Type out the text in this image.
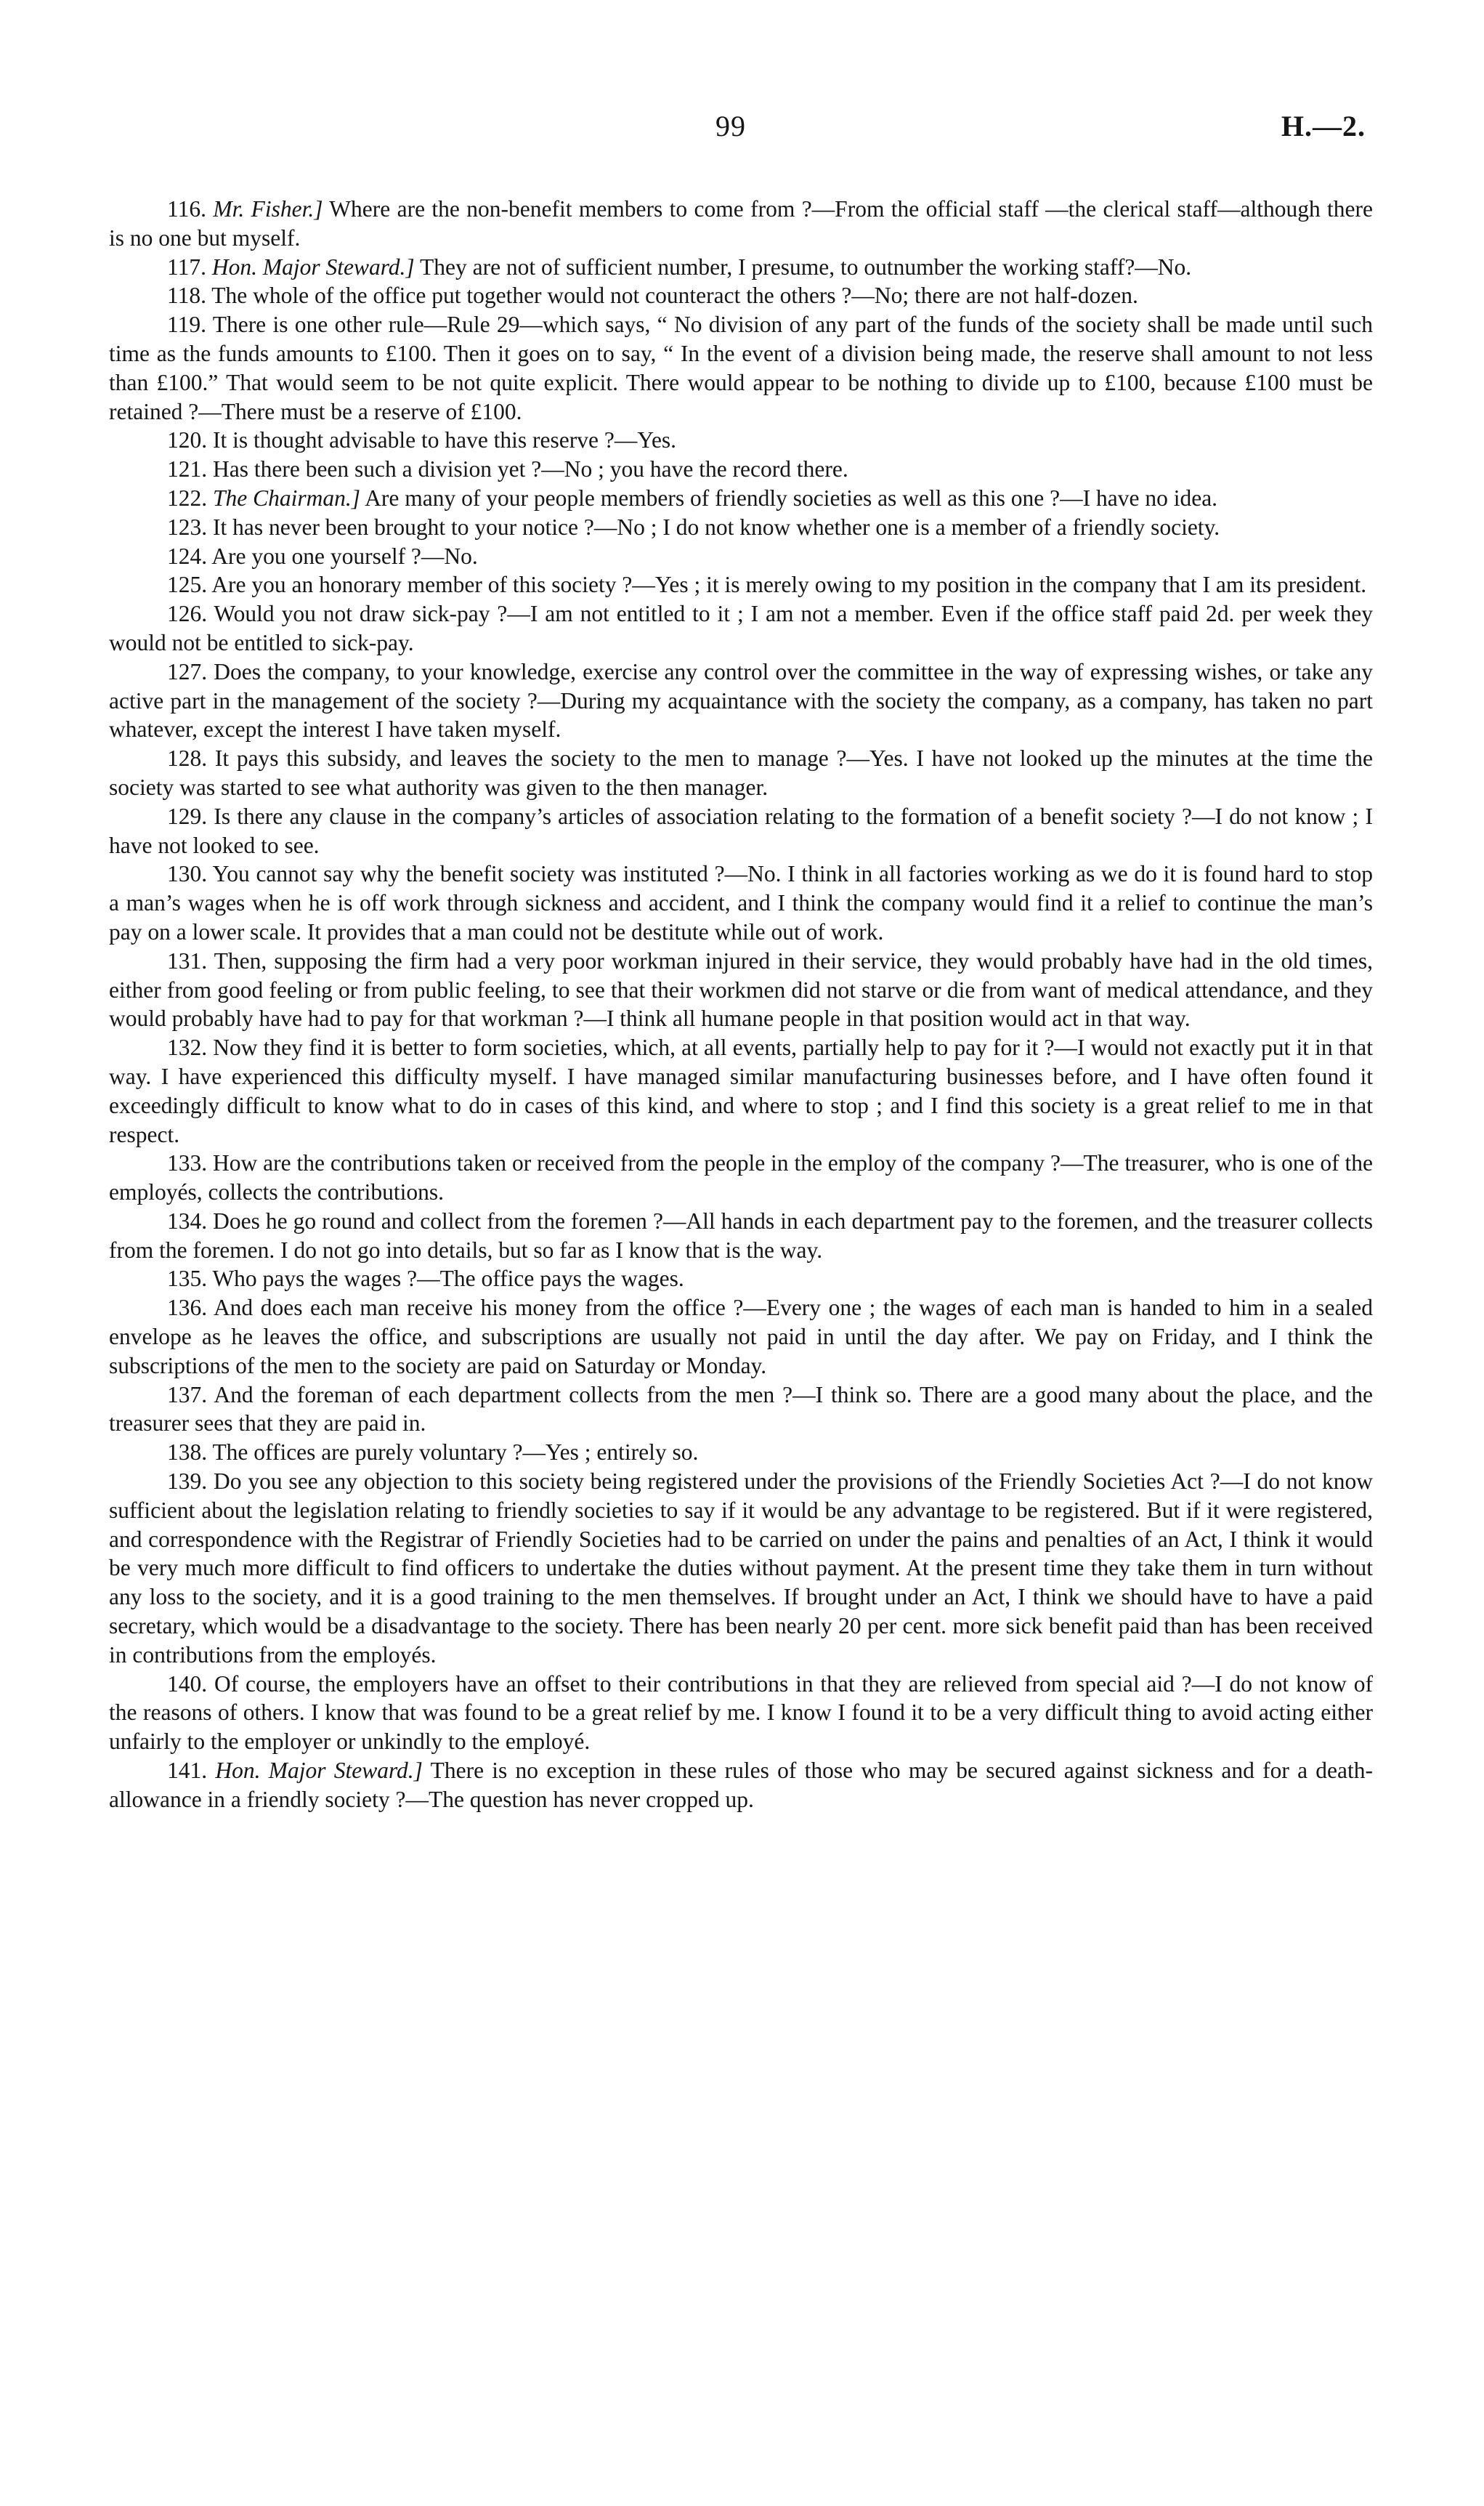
99	H.—2.

116. Mr. Fisher.] Where are the non-benefit members to come from ?—From the official staff —the clerical staff—although there is no one but myself.

117. Hon. Major Steward.] They are not of sufficient number, I presume, to outnumber the working staff?—No.

118. The whole of the office put together would not counteract the others ?—No; there are not half-dozen.

119. There is one other rule—Rule 29—which says, “ No division of any part of the funds of the society shall be made until such time as the funds amounts to £100. Then it goes on to say, “ In the event of a division being made, the reserve shall amount to not less than £100.” That would seem to be not quite explicit. There would appear to be nothing to divide up to £100, because £100 must be retained ?—There must be a reserve of £100.

120. It is thought advisable to have this reserve ?—Yes.

121. Has there been such a division yet ?—No ; you have the record there.

122. The Chairman.] Are many of your people members of friendly societies as well as this one ?—I have no idea.

123. It has never been brought to your notice ?—No ; I do not know whether one is a member of a friendly society.

124. Are you one yourself ?—No.

125. Are you an honorary member of this society ?—Yes ; it is merely owing to my position in the company that I am its president.

126. Would you not draw sick-pay ?—I am not entitled to it ; I am not a member. Even if the office staff paid 2d. per week they would not be entitled to sick-pay.

127. Does the company, to your knowledge, exercise any control over the committee in the way of expressing wishes, or take any active part in the management of the society ?—During my acquaintance with the society the company, as a company, has taken no part whatever, except the interest I have taken myself.

128. It pays this subsidy, and leaves the society to the men to manage ?—Yes. I have not looked up the minutes at the time the society was started to see what authority was given to the then manager.

129. Is there any clause in the company’s articles of association relating to the formation of a benefit society ?—I do not know ; I have not looked to see.

130. You cannot say why the benefit society was instituted ?—No. I think in all factories working as we do it is found hard to stop a man’s wages when he is off work through sickness and accident, and I think the company would find it a relief to continue the man’s pay on a lower scale. It provides that a man could not be destitute while out of work.

131. Then, supposing the firm had a very poor workman injured in their service, they would probably have had in the old times, either from good feeling or from public feeling, to see that their workmen did not starve or die from want of medical attendance, and they would probably have had to pay for that workman ?—I think all humane people in that position would act in that way.

132. Now they find it is better to form societies, which, at all events, partially help to pay for it ?—I would not exactly put it in that way. I have experienced this difficulty myself. I have managed similar manufacturing businesses before, and I have often found it exceedingly difficult to know what to do in cases of this kind, and where to stop ; and I find this society is a great relief to me in that respect.

133. How are the contributions taken or received from the people in the employ of the company ?—The treasurer, who is one of the employés, collects the contributions.

134. Does he go round and collect from the foremen ?—All hands in each department pay to the foremen, and the treasurer collects from the foremen. I do not go into details, but so far as I know that is the way.

135. Who pays the wages ?—The office pays the wages.

136. And does each man receive his money from the office ?—Every one ; the wages of each man is handed to him in a sealed envelope as he leaves the office, and subscriptions are usually not paid in until the day after. We pay on Friday, and I think the subscriptions of the men to the society are paid on Saturday or Monday.

137. And the foreman of each department collects from the men ?—I think so. There are a good many about the place, and the treasurer sees that they are paid in.

138. The offices are purely voluntary ?—Yes ; entirely so.

139. Do you see any objection to this society being registered under the provisions of the Friendly Societies Act ?—I do not know sufficient about the legislation relating to friendly societies to say if it would be any advantage to be registered. But if it were registered, and correspondence with the Registrar of Friendly Societies had to be carried on under the pains and penalties of an Act, I think it would be very much more difficult to find officers to undertake the duties without payment. At the present time they take them in turn without any loss to the society, and it is a good training to the men themselves. If brought under an Act, I think we should have to have a paid secretary, which would be a disadvantage to the society. There has been nearly 20 per cent. more sick benefit paid than has been received in contributions from the employés.

140. Of course, the employers have an offset to their contributions in that they are relieved from special aid ?—I do not know of the reasons of others. I know that was found to be a great relief by me. I know I found it to be a very difficult thing to avoid acting either unfairly to the employer or unkindly to the employé.

141. Hon. Major Steward.] There is no exception in these rules of those who may be secured against sickness and for a death-allowance in a friendly society ?—The question has never cropped up.
